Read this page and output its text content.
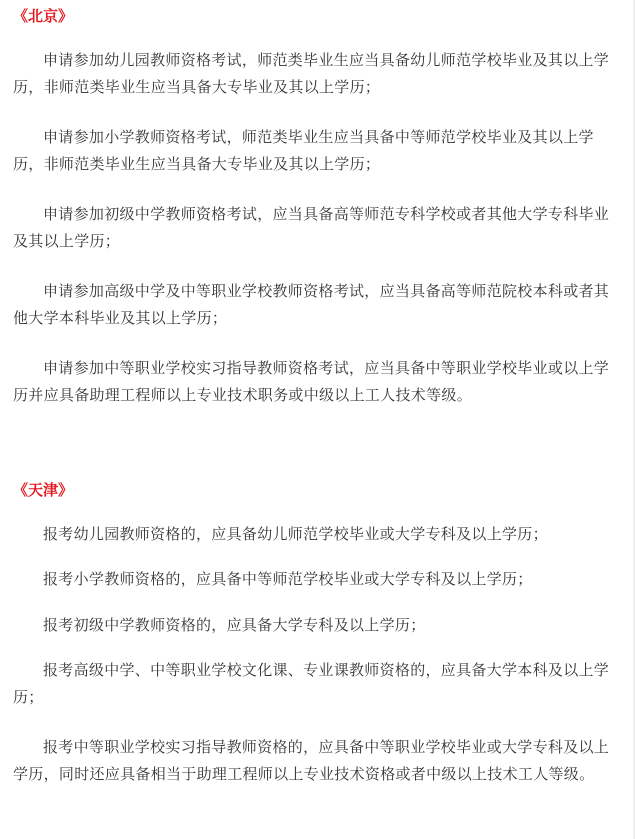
《北京》

申请参加幼儿园教师资格考试，师范类毕业生应当具备幼儿师范学校毕业及其以上学历，非师范类毕业生应当具备大专毕业及其以上学历；

申请参加小学教师资格考试，师范类毕业生应当具备中等师范学校毕业及其以上学历，非师范类毕业生应当具备大专毕业及其以上学历；

申请参加初级中学教师资格考试，应当具备高等师范专科学校或者其他大学专科毕业及其以上学历；

申请参加高级中学及中等职业学校教师资格考试，应当具备高等师范院校本科或者其他大学本科毕业及其以上学历；

申请参加中等职业学校实习指导教师资格考试，应当具备中等职业学校毕业或以上学历并应具备助理工程师以上专业技术职务或中级以上工人技术等级。

《天津》

报考幼儿园教师资格的，应具备幼儿师范学校毕业或大学专科及以上学历；

报考小学教师资格的，应具备中等师范学校毕业或大学专科及以上学历；

报考初级中学教师资格的，应具备大学专科及以上学历；

报考高级中学、中等职业学校文化课、专业课教师资格的，应具备大学本科及以上学历；

报考中等职业学校实习指导教师资格的，应具备中等职业学校毕业或大学专科及以上学历，同时还应具备相当于助理工程师以上专业技术资格或者中级以上技术工人等级。
